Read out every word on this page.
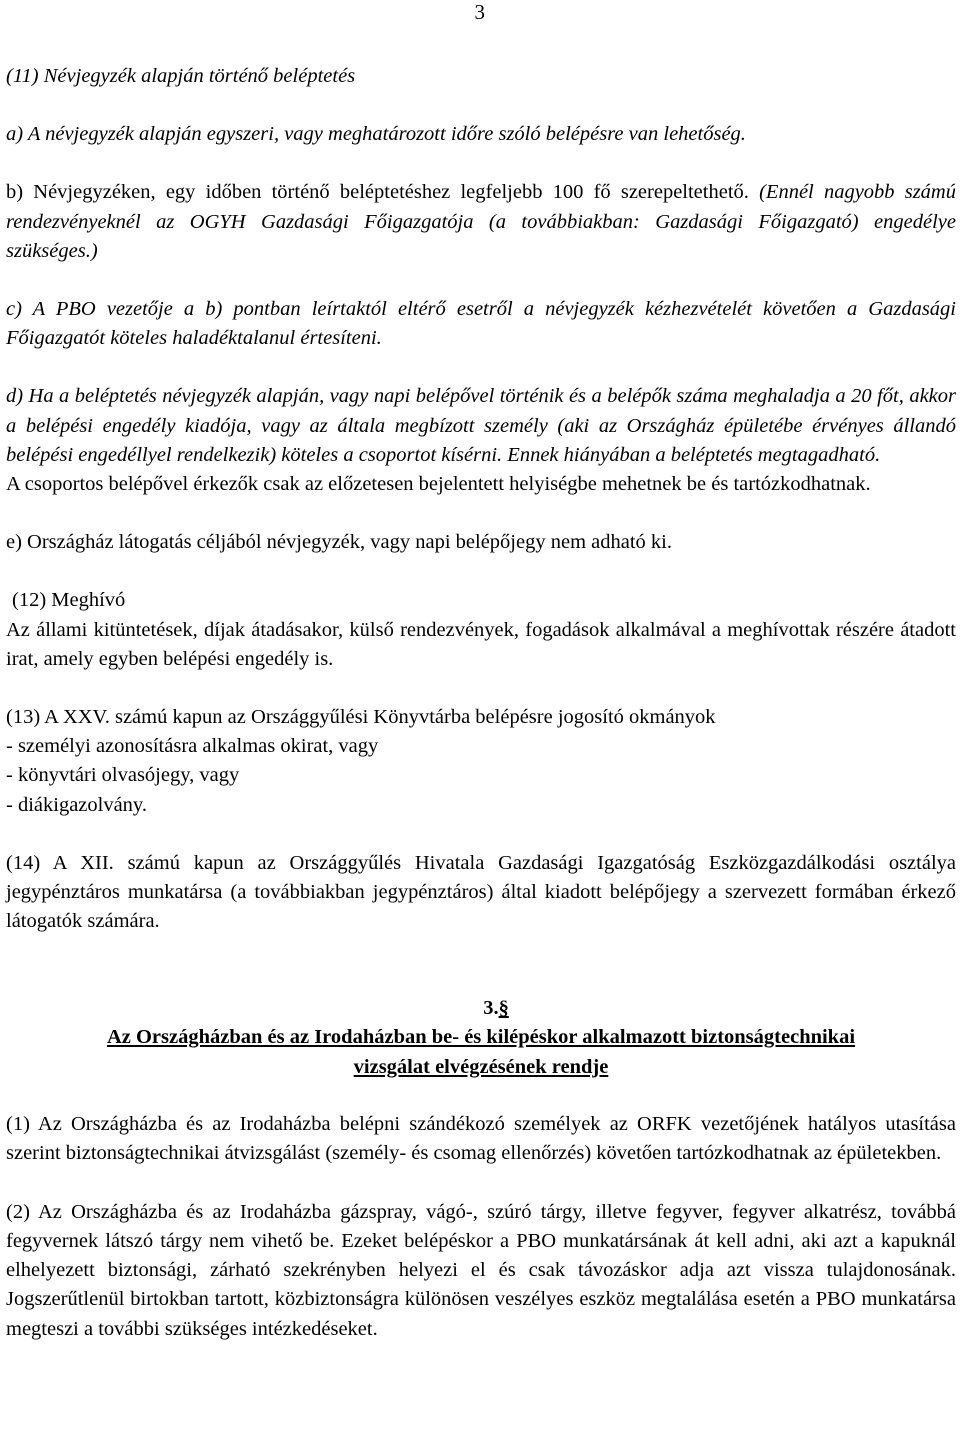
3

(11) Névjegyzék alapján történő beléptetés

a) A névjegyzék alapján egyszeri, vagy meghatározott időre szóló belépésre van lehetőség.

b) Névjegyzéken, egy időben történő beléptetéshez legfeljebb 100 fő szerepeltethető. (Ennél nagyobb számú rendezvényeknél az OGYH Gazdasági Főigazgatója (a továbbiakban: Gazdasági Főigazgató) engedélye szükséges.)

c) A PBO vezetője a b) pontban leírtaktól eltérő esetről a névjegyzék kézhezvételét követően a Gazdasági Főigazgatót köteles haladéktalanul értesíteni.

d) Ha a beléptetés névjegyzék alapján, vagy napi belépővel történik és a belépők száma meghaladja a 20 főt, akkor a belépési engedély kiadója, vagy az általa megbízott személy (aki az Országház épületébe érvényes állandó belépési engedéllyel rendelkezik) köteles a csoportot kísérni. Ennek hiányában a beléptetés megtagadható.

A csoportos belépővel érkezők csak az előzetesen bejelentett helyiségbe mehetnek be és tartózkodhatnak.

e) Országház látogatás céljából névjegyzék, vagy napi belépőjegy nem adható ki.

(12) Meghívó

Az állami kitüntetések, díjak átadásakor, külső rendezvények, fogadások alkalmával a meghívottak részére átadott irat, amely egyben belépési engedély is.

(13) A XXV. számú kapun az Országgyűlési Könyvtárba belépésre jogosító okmányok

- személyi azonosításra alkalmas okirat, vagy

- könyvtári olvasójegy, vagy

- diákigazolvány.

(14) A XII. számú kapun az Országgyűlés Hivatala Gazdasági Igazgatóság Eszközgazdálkodási osztálya jegypénztáros munkatársa (a továbbiakban jegypénztáros) által kiadott belépőjegy a szervezett formában érkező látogatók számára.

3.§

Az Országházban és az Irodaházban be- és kilépéskor alkalmazott biztonságtechnikai

vizsgálat elvégzésének rendje

(1) Az Országházba és az Irodaházba belépni szándékozó személyek az ORFK vezetőjének hatályos utasítása szerint biztonságtechnikai átvizsgálást (személy- és csomag ellenőrzés) követően tartózkodhatnak az épületekben.

(2) Az Országházba és az Irodaházba gázspray, vágó-, szúró tárgy, illetve fegyver, fegyver alkatrész, továbbá fegyvernek látszó tárgy nem vihető be. Ezeket belépéskor a PBO munkatársának át kell adni, aki azt a kapuknál elhelyezett biztonsági, zárható szekrényben helyezi el és csak távozáskor adja azt vissza tulajdonosának. Jogszerűtlenül birtokban tartott, közbiztonságra különösen veszélyes eszköz megtalálása esetén a PBO munkatársa megteszi a további szükséges intézkedéseket.
